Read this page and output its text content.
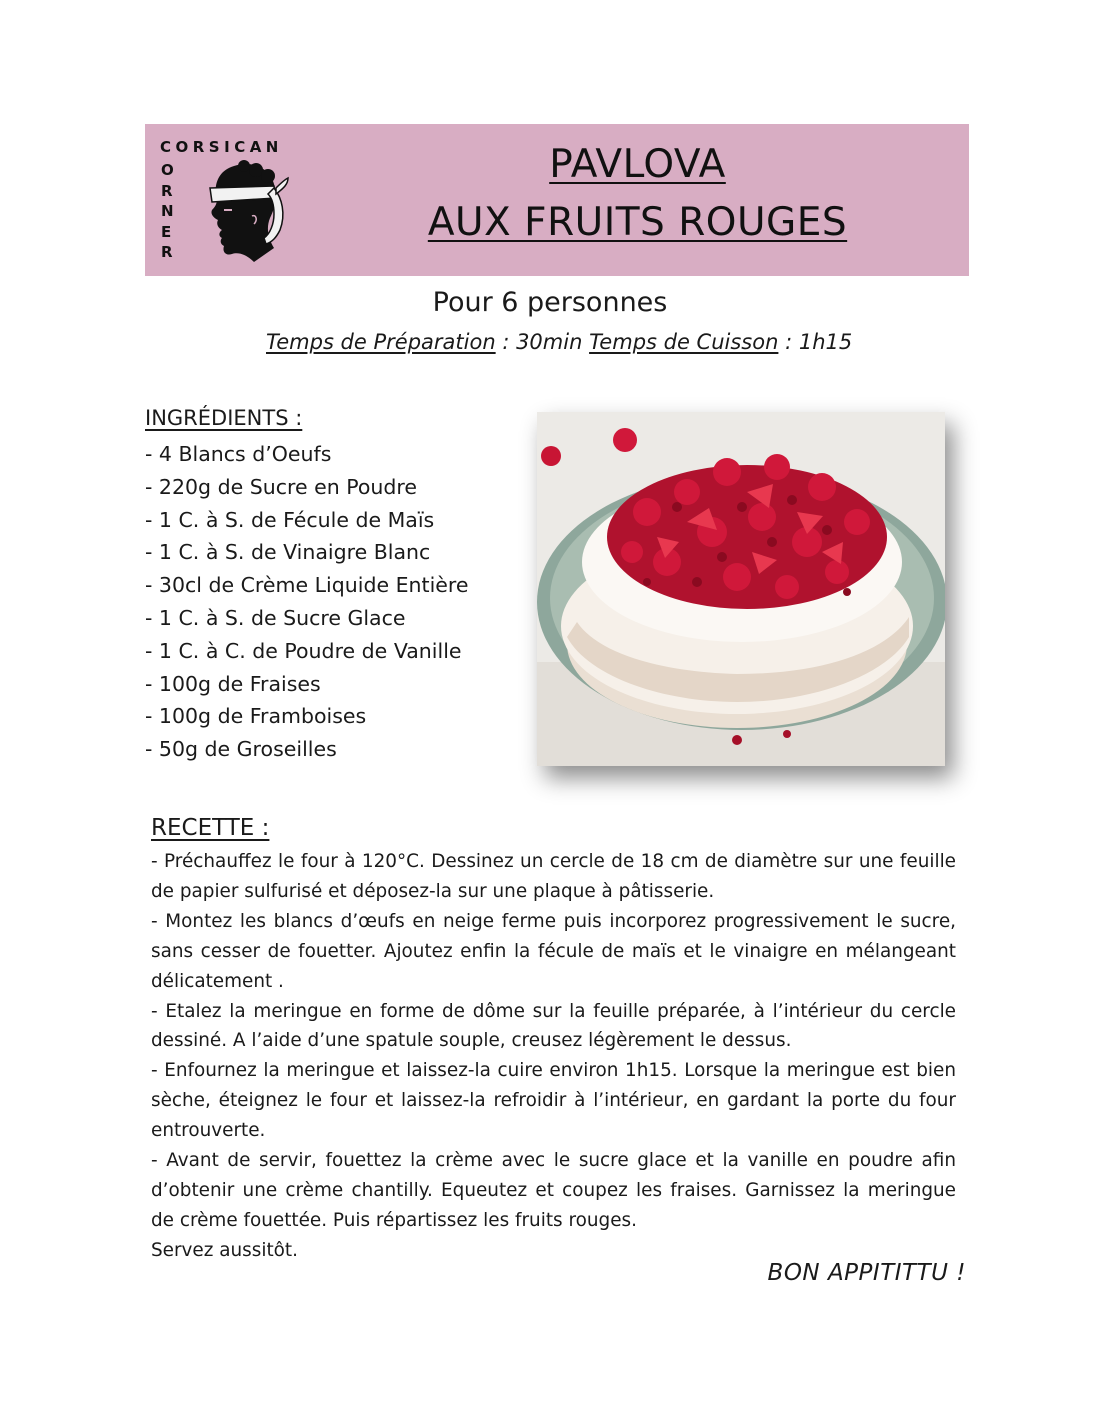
CORSICAN
O
R
N
E
R
PAVLOVA
AUX FRUITS ROUGES
Pour 6 personnes
Temps de Préparation : 30min Temps de Cuisson : 1h15
INGRÉDIENTS :
- 4 Blancs d’Oeufs
- 220g de Sucre en Poudre
- 1 C. à S. de Fécule de Maïs
- 1 C. à S. de Vinaigre Blanc
- 30cl de Crème Liquide Entière
- 1 C. à S. de Sucre Glace
- 1 C. à C. de Poudre de Vanille
- 100g de Fraises
- 100g de Framboises
- 50g de Groseilles
RECETTE :

- Préchauffez le four à 120°C. Dessinez un cercle de 18 cm de diamètre sur une feuille de papier sulfurisé et déposez-la sur une plaque à pâtisserie.

- Montez les blancs d’œufs en neige ferme puis incorporez progressivement le sucre, sans cesser de fouetter. Ajoutez enfin la fécule de maïs et le vinaigre en mélangeant délicatement .

- Etalez la meringue en forme de dôme sur la feuille préparée, à l’intérieur du cercle dessiné. A l’aide d’une spatule souple, creusez légèrement le dessus.

- Enfournez la meringue et laissez-la cuire environ 1h15. Lorsque la meringue est bien sèche, éteignez le four et laissez-la refroidir à l’intérieur, en gardant la porte du four entrouverte.

- Avant de servir, fouettez la crème avec le sucre glace et la vanille en poudre afin d’obtenir une crème chantilly. Equeutez et coupez les fraises. Garnissez la meringue de crème fouettée. Puis répartissez les fruits rouges.

Servez aussitôt.

BON APPITITTU !
